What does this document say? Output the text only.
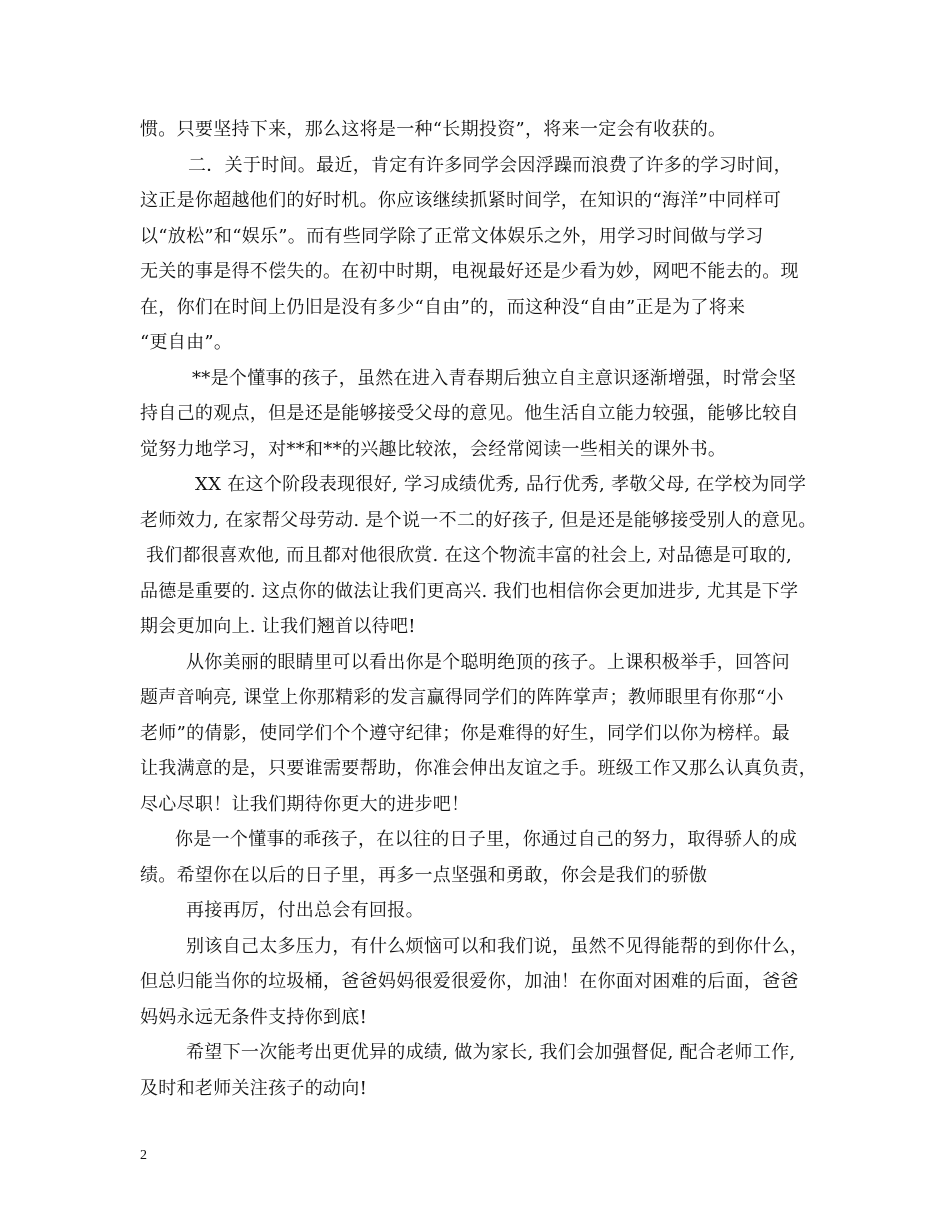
惯。只要坚持下来，那么这将是一种“长期投资”，将来一定会有收获的。
二．关于时间。最近，肯定有许多同学会因浮躁而浪费了许多的学习时间，
这正是你超越他们的好时机。你应该继续抓紧时间学，在知识的“海洋”中同样可
以“放松”和“娱乐”。而有些同学除了正常文体娱乐之外，用学习时间做与学习
无关的事是得不偿失的。在初中时期，电视最好还是少看为妙，网吧不能去的。现
在，你们在时间上仍旧是没有多少“自由”的，而这种没“自由”正是为了将来
“更自由”。
**是个懂事的孩子，虽然在进入青春期后独立自主意识逐渐增强，时常会坚
持自己的观点，但是还是能够接受父母的意见。他生活自立能力较强，能够比较自
觉努力地学习，对**和**的兴趣比较浓，会经常阅读一些相关的课外书。
XX 在这个阶段表现很好, 学习成绩优秀, 品行优秀, 孝敬父母, 在学校为同学
老师效力, 在家帮父母劳动. 是个说一不二的好孩子, 但是还是能够接受别人的意见。
我们都很喜欢他, 而且都对他很欣赏. 在这个物流丰富的社会上, 对品德是可取的,
品德是重要的. 这点你的做法让我们更高兴. 我们也相信你会更加进步, 尤其是下学
期会更加向上. 让我们翘首以待吧!
从你美丽的眼睛里可以看出你是个聪明绝顶的孩子。上课积极举手，回答问
题声音响亮, 课堂上你那精彩的发言赢得同学们的阵阵掌声；教师眼里有你那“小
老师”的倩影，使同学们个个遵守纪律；你是难得的好生，同学们以你为榜样。最
让我满意的是，只要谁需要帮助，你准会伸出友谊之手。班级工作又那么认真负责，
尽心尽职！让我们期待你更大的进步吧！
你是一个懂事的乖孩子，在以往的日子里，你通过自己的努力，取得骄人的成
绩。希望你在以后的日子里，再多一点坚强和勇敢，你会是我们的骄傲
再接再厉，付出总会有回报。
别该自己太多压力，有什么烦恼可以和我们说，虽然不见得能帮的到你什么，
但总归能当你的垃圾桶，爸爸妈妈很爱很爱你，加油！在你面对困难的后面，爸爸
妈妈永远无条件支持你到底!
希望下一次能考出更优异的成绩, 做为家长, 我们会加强督促, 配合老师工作,
及时和老师关注孩子的动向!
2
